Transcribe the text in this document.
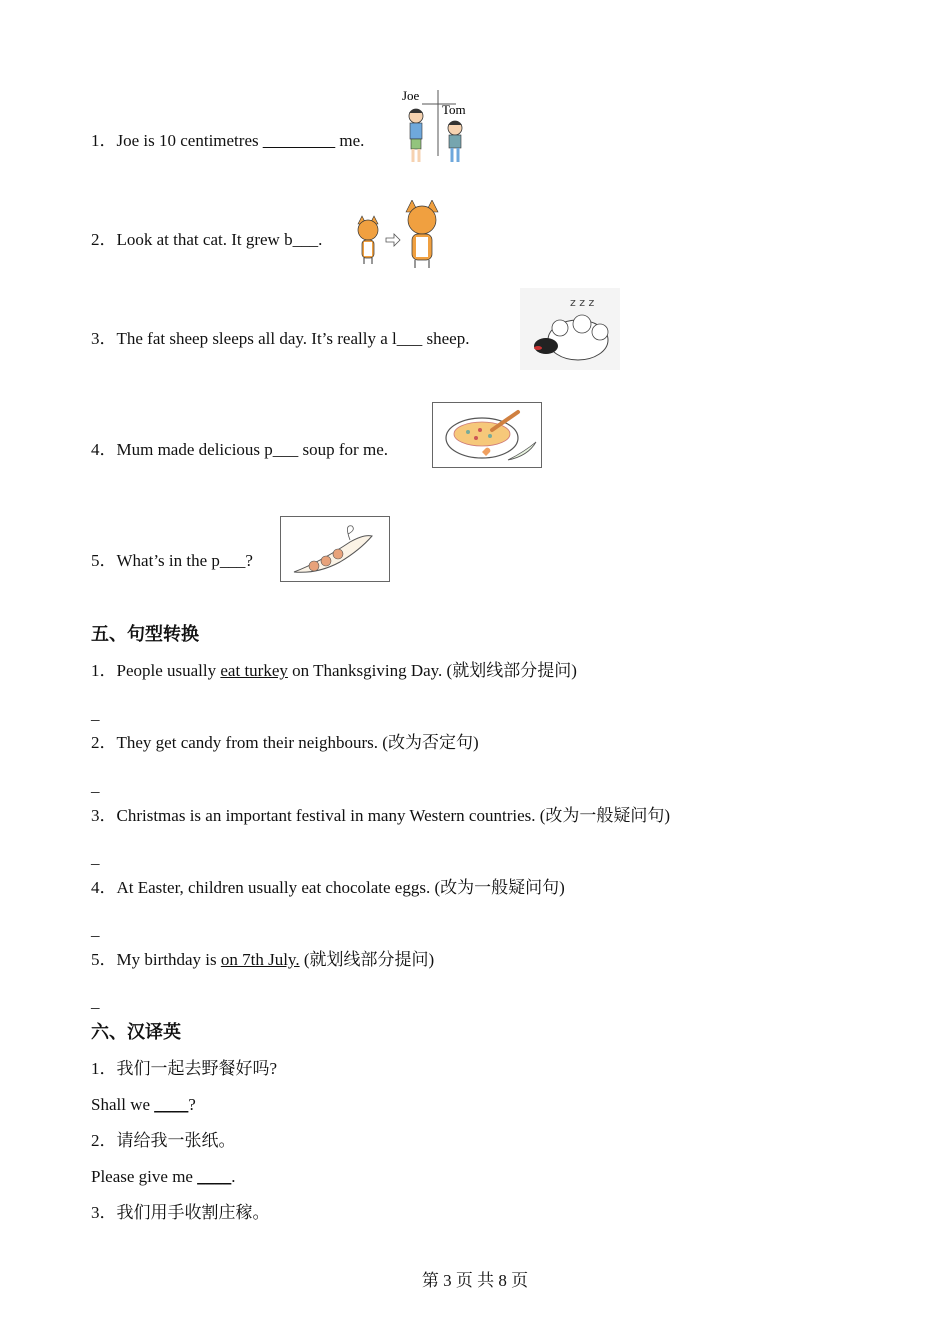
1．Joe is 10 centimetres ____ ____ me.
Joe
Tom
2．Look at that cat. It grew b___.
3．The fat sheep sleeps all day. It’s really a l___ sheep.
z z z
4．Mum made delicious p___ soup for me.
5．What’s in the p___?
五、句型转换
1．People usually eat turkey on Thanksgiving Day. (就划线部分提问)
_
2．They get candy from their neighbours. (改为否定句)
_
3．Christmas is an important festival in many Western countries. (改为一般疑问句)
_
4．At Easter, children usually eat chocolate eggs. (改为一般疑问句)
_
5．My birthday is on 7th July. (就划线部分提问)
_
六、汉译英
1．我们一起去野餐好吗?
Shall we ____?
2．请给我一张纸。
Please give me ____.
3．我们用手收割庄稼。
第 3 页 共 8 页
